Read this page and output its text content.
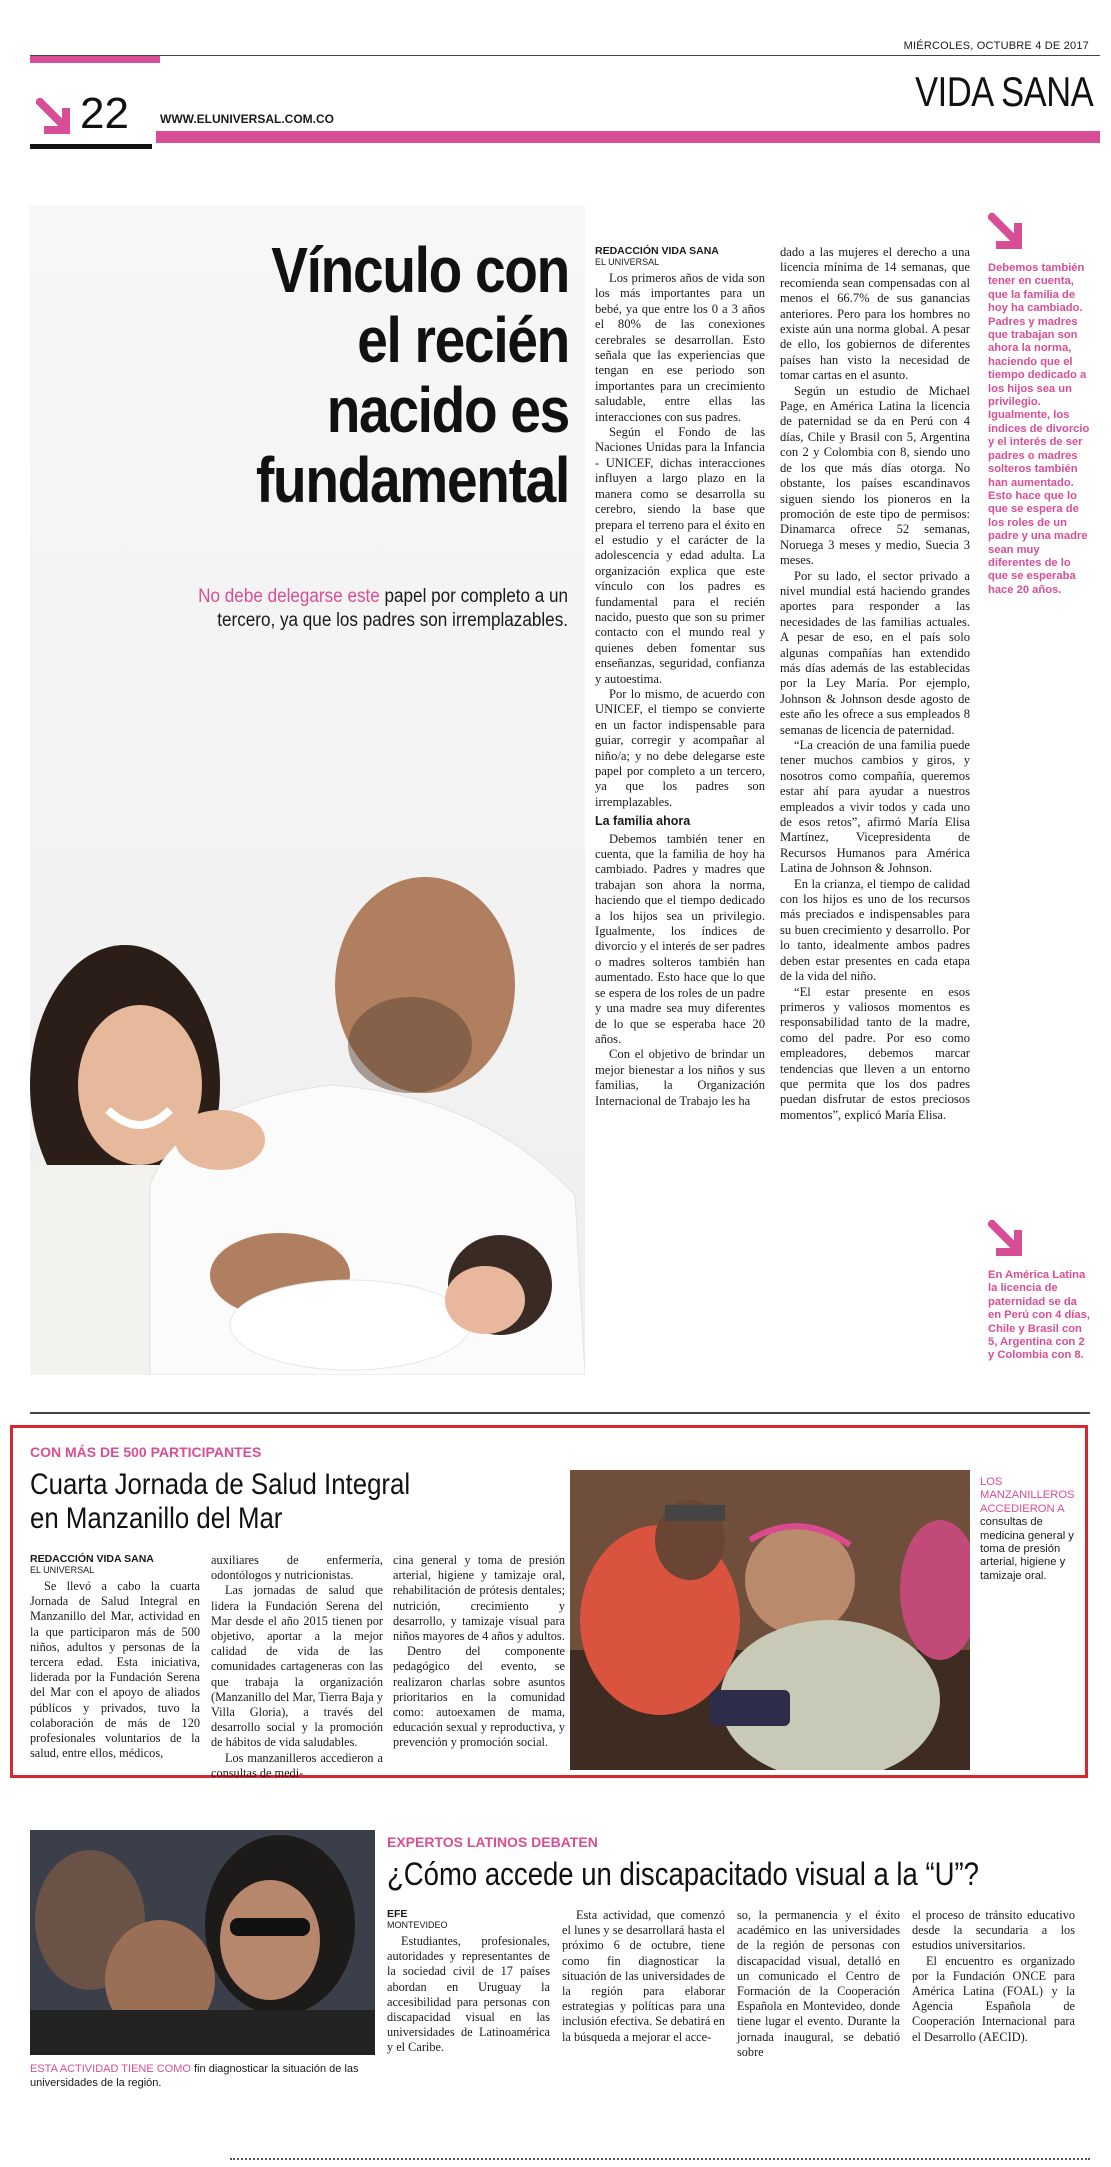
MIÉRCOLES, OCTUBRE 4 DE 2017
22	WWW.ELUNIVERSAL.COM.CO
VIDA SANA
Vínculo con
el recién
nacido es
fundamental
No debe delegarse este papel por completo a un tercero, ya que los padres son irremplazables.
REDACCIÓN VIDA SANA
EL UNIVERSAL

Los primeros años de vida son los más importantes para un bebé, ya que entre los 0 a 3 años el 80% de las conexiones cerebrales se desarrollan. Esto señala que las experiencias que tengan en ese periodo son importantes para un crecimiento saludable, entre ellas las interacciones con sus padres.

Según el Fondo de las Naciones Unidas para la Infancia - UNICEF, dichas interacciones influyen a largo plazo en la manera como se desarrolla su cerebro, siendo la base que prepara el terreno para el éxito en el estudio y el carácter de la adolescencia y edad adulta. La organización explica que este vínculo con los padres es fundamental para el recién nacido, puesto que son su primer contacto con el mundo real y quienes deben fomentar sus enseñanzas, seguridad, confianza y autoestima.

Por lo mismo, de acuerdo con UNICEF, el tiempo se convierte en un factor indispensable para guiar, corregir y acompañar al niño/a; y no debe delegarse este papel por completo a un tercero, ya que los padres son irremplazables.

La familia ahora

Debemos también tener en cuenta, que la familia de hoy ha cambiado. Padres y madres que trabajan son ahora la norma, haciendo que el tiempo dedicado a los hijos sea un privilegio. Igualmente, los índices de divorcio y el interés de ser padres o madres solteros también han aumentado. Esto hace que lo que se espera de los roles de un padre y una madre sea muy diferentes de lo que se esperaba hace 20 años.

Con el objetivo de brindar un mejor bienestar a los niños y sus familias, la Organización Internacional de Trabajo les ha

dado a las mujeres el derecho a una licencia mínima de 14 semanas, que recomienda sean compensadas con al menos el 66.7% de sus ganancias anteriores. Pero para los hombres no existe aún una norma global. A pesar de ello, los gobiernos de diferentes países han visto la necesidad de tomar cartas en el asunto.

Según un estudio de Michael Page, en América Latina la licencia de paternidad se da en Perú con 4 días, Chile y Brasil con 5, Argentina con 2 y Colombia con 8, siendo uno de los que más días otorga. No obstante, los países escandinavos siguen siendo los pioneros en la promoción de este tipo de permisos: Dinamarca ofrece 52 semanas, Noruega 3 meses y medio, Suecia 3 meses.

Por su lado, el sector privado a nivel mundial está haciendo grandes aportes para responder a las necesidades de las familias actuales. A pesar de eso, en el país solo algunas compañías han extendido más días además de las establecidas por la Ley María. Por ejemplo, Johnson & Johnson desde agosto de este año les ofrece a sus empleados 8 semanas de licencia de paternidad.

“La creación de una familia puede tener muchos cambios y giros, y nosotros como compañía, queremos estar ahí para ayudar a nuestros empleados a vivir todos y cada uno de esos retos”, afirmó María Elisa Martínez, Vicepresidenta de Recursos Humanos para América Latina de Johnson & Johnson.

En la crianza, el tiempo de calidad con los hijos es uno de los recursos más preciados e indispensables para su buen crecimiento y desarrollo. Por lo tanto, idealmente ambos padres deben estar presentes en cada etapa de la vida del niño.

“El estar presente en esos primeros y valiosos momentos es responsabilidad tanto de la madre, como del padre. Por eso como empleadores, debemos marcar tendencias que lleven a un entorno que permita que los dos padres puedan disfrutar de estos preciosos momentos”, explicó María Elisa.

Debemos también tener en cuenta, que la familia de hoy ha cambiado. Padres y madres que trabajan son ahora la norma, haciendo que el tiempo dedicado a los hijos sea un privilegio. Igualmente, los índices de divorcio y el interés de ser padres o madres solteros también han aumentado. Esto hace que lo que se espera de los roles de un padre y una madre sean muy diferentes de lo que se esperaba hace 20 años.
En América Latina la licencia de paternidad se da en Perú con 4 días, Chile y Brasil con 5, Argentina con 2 y Colombia con 8.
CON MÁS DE 500 PARTICIPANTES
Cuarta Jornada de Salud Integral
en Manzanillo del Mar
REDACCIÓN VIDA SANA
EL UNIVERSAL

Se llevó a cabo la cuarta Jornada de Salud Integral en Manzanillo del Mar, actividad en la que participaron más de 500 niños, adultos y personas de la tercera edad. Esta iniciativa, liderada por la Fundación Serena del Mar con el apoyo de aliados públicos y privados, tuvo la colaboración de más de 120 profesionales voluntarios de la salud, entre ellos, médicos,

auxiliares de enfermería, odontólogos y nutricionistas.

Las jornadas de salud que lidera la Fundación Serena del Mar desde el año 2015 tienen por objetivo, aportar a la mejor calidad de vida de las comunidades cartageneras con las que trabaja la organización (Manzanillo del Mar, Tierra Baja y Villa Gloria), a través del desarrollo social y la promoción de hábitos de vida saludables.

Los manzanilleros accedieron a consultas de medi-

cina general y toma de presión arterial, higiene y tamizaje oral, rehabilitación de prótesis dentales; nutrición, crecimiento y desarrollo, y tamizaje visual para niños mayores de 4 años y adultos.

Dentro del componente pedagógico del evento, se realizaron charlas sobre asuntos prioritarios en la comunidad como: autoexamen de mama, educación sexual y reproductiva, y prevención y promoción social.

LOS MANZANILLEROS ACCEDIERON A consultas de medicina general y toma de presión arterial, higiene y tamizaje oral.
ESTA ACTIVIDAD TIENE COMO fin diagnosticar la situación de las universidades de la región.
EXPERTOS LATINOS DEBATEN
¿Cómo accede un discapacitado visual a la “U”?
EFE
MONTEVIDEO

Estudiantes, profesionales, autoridades y representantes de la sociedad civil de 17 países abordan en Uruguay la accesibilidad para personas con discapacidad visual en las universidades de Latinoamérica y el Caribe.

Esta actividad, que comenzó el lunes y se desarrollará hasta el próximo 6 de octubre, tiene como fin diagnosticar la situación de las universidades de la región para elaborar estrategias y políticas para una inclusión efectiva. Se debatirá en la búsqueda a mejorar el acce-

so, la permanencia y el éxito académico en las universidades de la región de personas con discapacidad visual, detalló en un comunicado el Centro de Formación de la Cooperación Española en Montevideo, donde tiene lugar el evento. Durante la jornada inaugural, se debatió sobre

el proceso de tránsito educativo desde la secundaria a los estudios universitarios.

El encuentro es organizado por la Fundación ONCE para América Latina (FOAL) y la Agencia Española de Cooperación Internacional para el Desarrollo (AECID).
